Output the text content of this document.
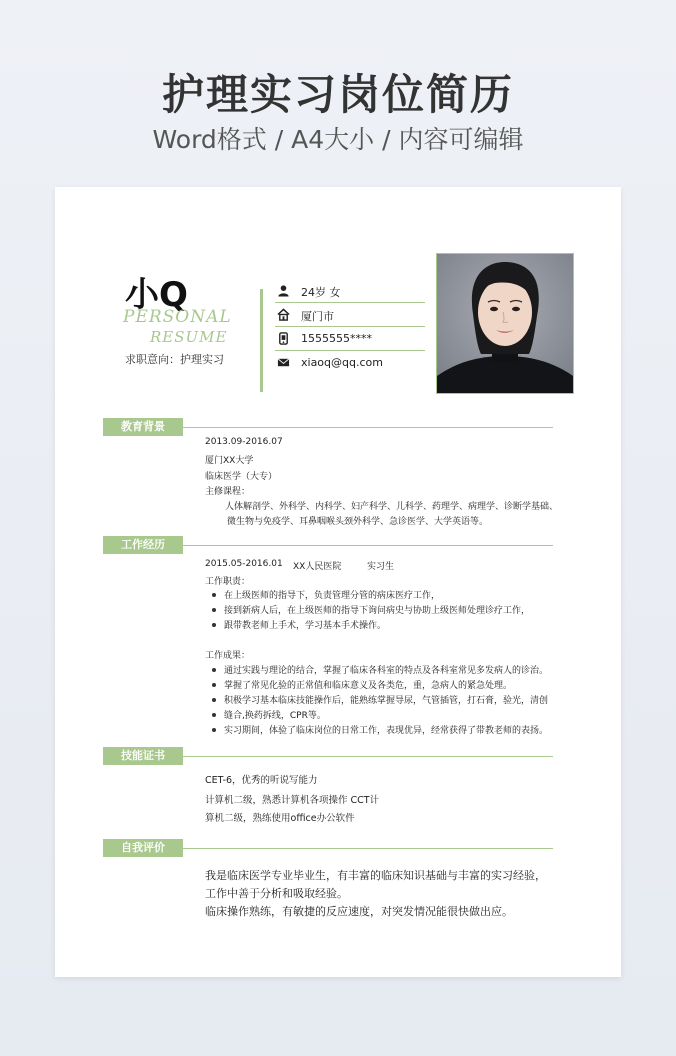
护理实习岗位简历
Word格式 / A4大小 / 内容可编辑
小Q
PERSONAL
RESUME
求职意向：护理实习
24岁 女
厦门市
1555555****
xiaoq@qq.com
教育背景
2013.09-2016.07
厦门XX大学
临床医学（大专）
主修课程：
人体解剖学、外科学、内科学、妇产科学、儿科学、药理学、病理学、诊断学基础、
微生物与免疫学、耳鼻咽喉头颈外科学、急诊医学、大学英语等。
工作经历
2015.05-2016.01 XX人民医院	实习生
工作职责：
在上级医师的指导下，负责管理分管的病床医疗工作，
接到新病人后，在上级医师的指导下询问病史与协助上级医师处理诊疗工作，
跟带教老师上手术，学习基本手术操作。
工作成果：
通过实践与理论的结合，掌握了临床各科室的特点及各科室常见多发病人的诊治。
掌握了常见化验的正常值和临床意义及各类危，重，急病人的紧急处理。
积极学习基本临床技能操作后，能熟练掌握导尿，气管插管，打石膏，验光，清创
缝合,换药拆线，CPR等。
实习期间，体验了临床岗位的日常工作，表现优异，经常获得了带教老师的表扬。
技能证书
CET-6，优秀的听说写能力
计算机二级，熟悉计算机各项操作 CCT计
算机二级，熟练使用office办公软件
自我评价
我是临床医学专业毕业生，有丰富的临床知识基础与丰富的实习经验，
工作中善于分析和吸取经验。
临床操作熟练，有敏捷的反应速度，对突发情况能很快做出应。
